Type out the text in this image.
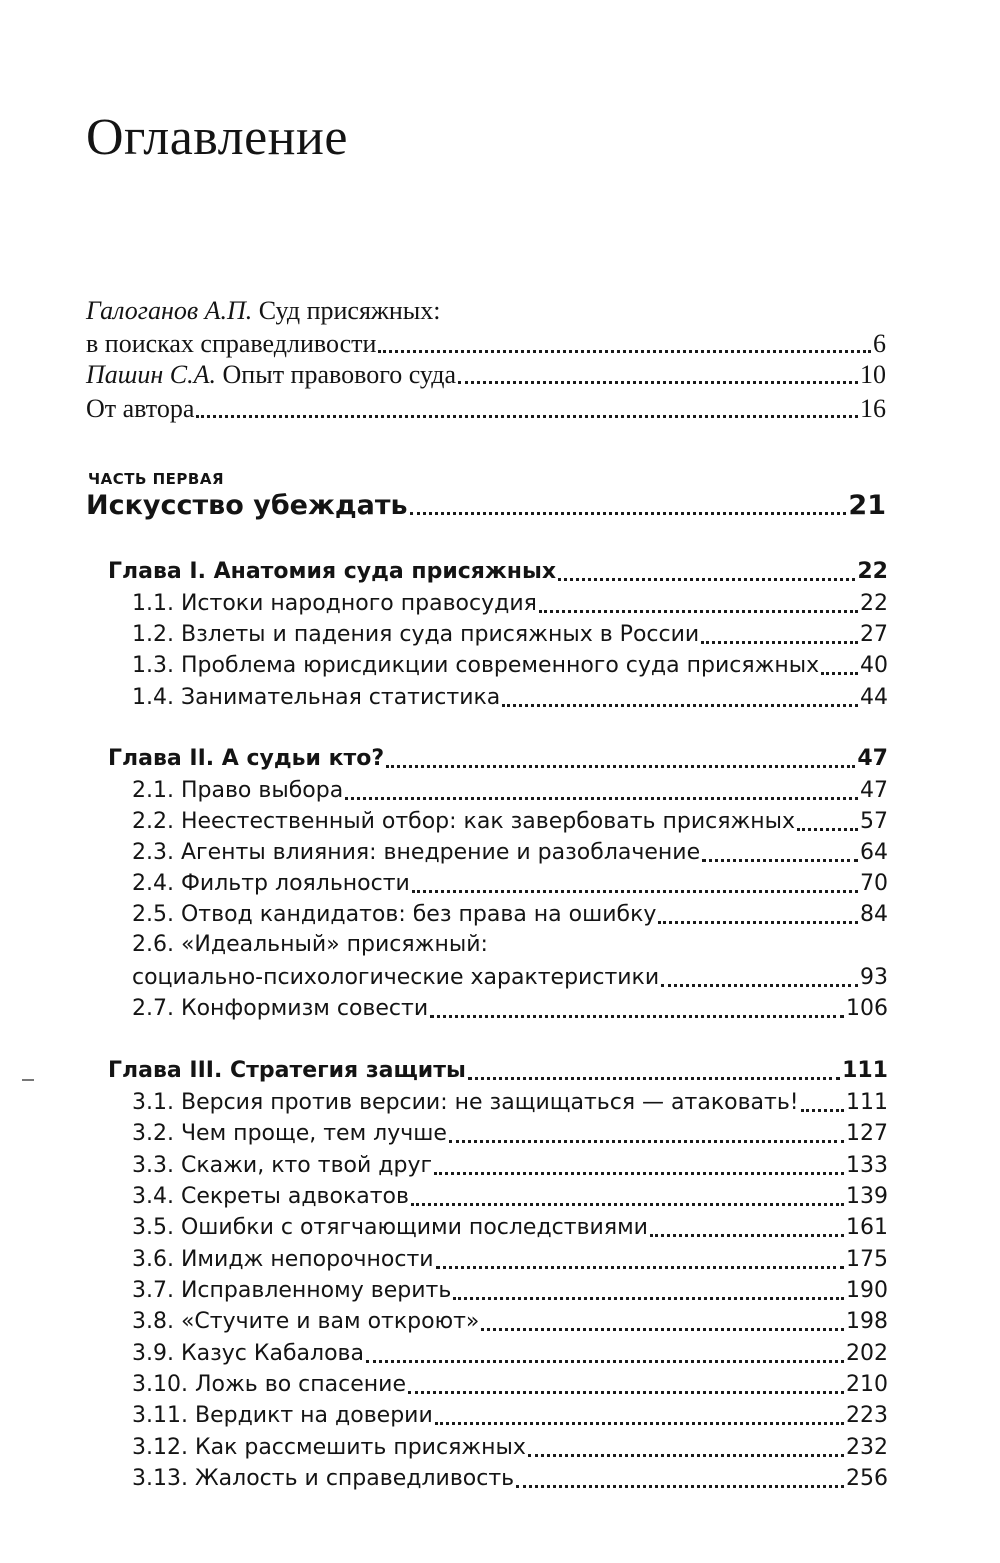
Оглавление
Галоганов А.П. Суд присяжных:
в поисках справедливости	6
Пашин С.А. Опыт правового суда	10
От автора	16
ЧАСТЬ ПЕРВАЯ
Искусство убеждать	21
Глава I. Анатомия суда присяжных	22
1.1. Истоки народного правосудия	22
1.2. Взлеты и падения суда присяжных в России	27
1.3. Проблема юрисдикции современного суда присяжных 40
1.4. Занимательная статистика	44
Глава II. А судьи кто?	47
2.1. Право выбора	47
2.2. Неестественный отбор: как завербовать присяжных	57
2.3. Агенты влияния: внедрение и разоблачение	64
2.4. Фильтр лояльности	70
2.5. Отвод кандидатов: без права на ошибку	84
2.6. «Идеальный» присяжный:
социально-психологические характеристики	93
2.7. Конформизм совести	106
Глава III. Стратегия защиты	111
3.1. Версия против версии: не защищаться — атаковать! 111
3.2. Чем проще, тем лучше	127
3.3. Скажи, кто твой друг	133
3.4. Секреты адвокатов	139
3.5. Ошибки с отягчающими последствиями	161
3.6. Имидж непорочности	175
3.7. Исправленному верить	190
3.8. «Стучите и вам откроют»	198
3.9. Казус Кабалова	202
3.10. Ложь во спасение	210
3.11. Вердикт на доверии	223
3.12. Как рассмешить присяжных	232
3.13. Жалость и справедливость	256
